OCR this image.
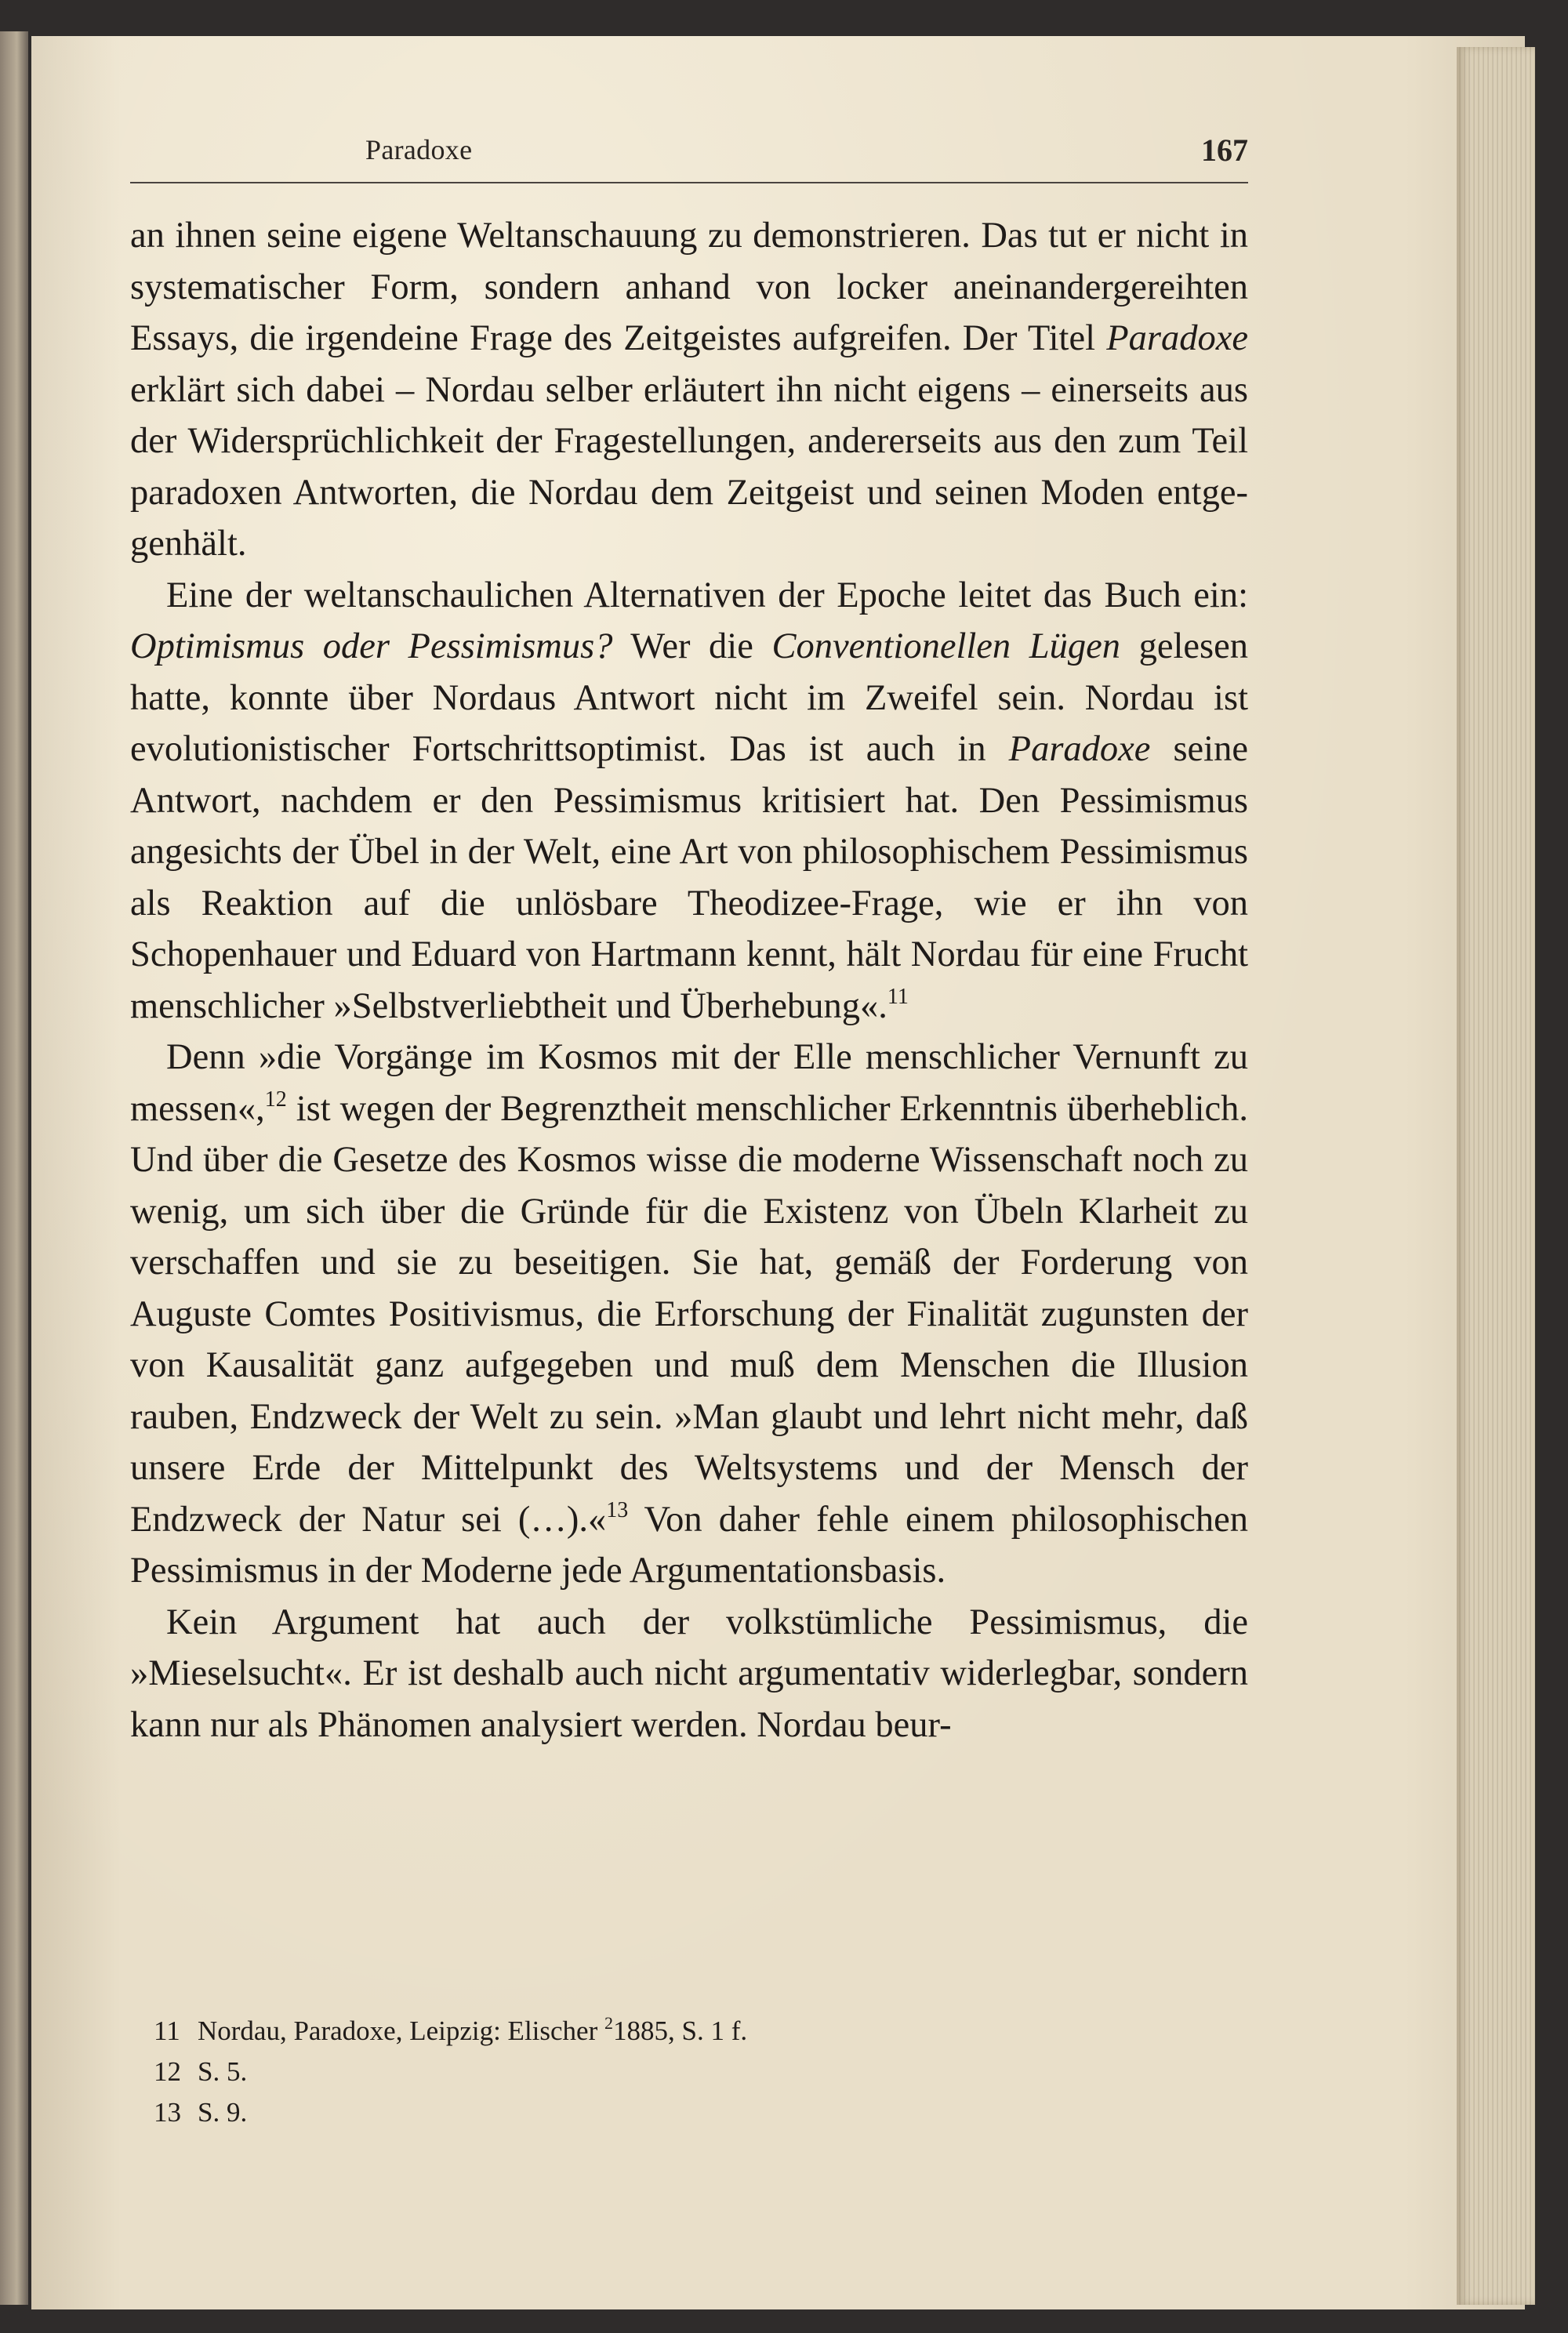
Paradoxe	167

an ihnen seine eigene Weltanschauung zu demonstrieren. Das tut er nicht in systematischer Form, sondern anhand von locker aneinandergereihten Essays, die irgendeine Frage des Zeitgeistes aufgreifen. Der Titel Paradoxe erklärt sich dabei – Nordau selber erläutert ihn nicht eigens – einerseits aus der Widersprüchlichkeit der Fragestellungen, andererseits aus den zum Teil paradoxen Antworten, die Nordau dem Zeitgeist und seinen Moden entgegenhält.

Eine der weltanschaulichen Alternativen der Epoche leitet das Buch ein: Optimismus oder Pessimismus? Wer die Conventionellen Lügen gelesen hatte, konnte über Nordaus Antwort nicht im Zweifel sein. Nordau ist evolutionistischer Fortschrittsoptimist. Das ist auch in Paradoxe seine Antwort, nachdem er den Pessimismus kritisiert hat. Den Pessimismus angesichts der Übel in der Welt, eine Art von philosophischem Pessimismus als Reaktion auf die unlösbare Theodizee-Frage, wie er ihn von Schopenhauer und Eduard von Hartmann kennt, hält Nordau für eine Frucht menschlicher »Selbstverliebtheit und Überhebung«.$^{11}$

Denn »die Vorgänge im Kosmos mit der Elle menschlicher Vernunft zu messen«,$^{12}$ ist wegen der Begrenztheit menschlicher Erkenntnis überheblich. Und über die Gesetze des Kosmos wisse die moderne Wissenschaft noch zu wenig, um sich über die Gründe für die Existenz von Übeln Klarheit zu verschaffen und sie zu beseitigen. Sie hat, gemäß der Forderung von Auguste Comtes Positivismus, die Erforschung der Finalität zugunsten der von Kausalität ganz aufgegeben und muß dem Menschen die Illusion rauben, Endzweck der Welt zu sein. »Man glaubt und lehrt nicht mehr, daß unsere Erde der Mittelpunkt des Weltsystems und der Mensch der Endzweck der Natur sei (…).«$^{13}$ Von daher fehle einem philosophischen Pessimismus in der Moderne jede Argumentationsbasis.

Kein Argument hat auch der volkstümliche Pessimismus, die »Mieselsucht«. Er ist deshalb auch nicht argumentativ widerlegbar, sondern kann nur als Phänomen analysiert werden. Nordau beur-

11 Nordau, Paradoxe, Leipzig: Elischer $^2$1885, S. 1 f.
12 S. 5.
13 S. 9.
